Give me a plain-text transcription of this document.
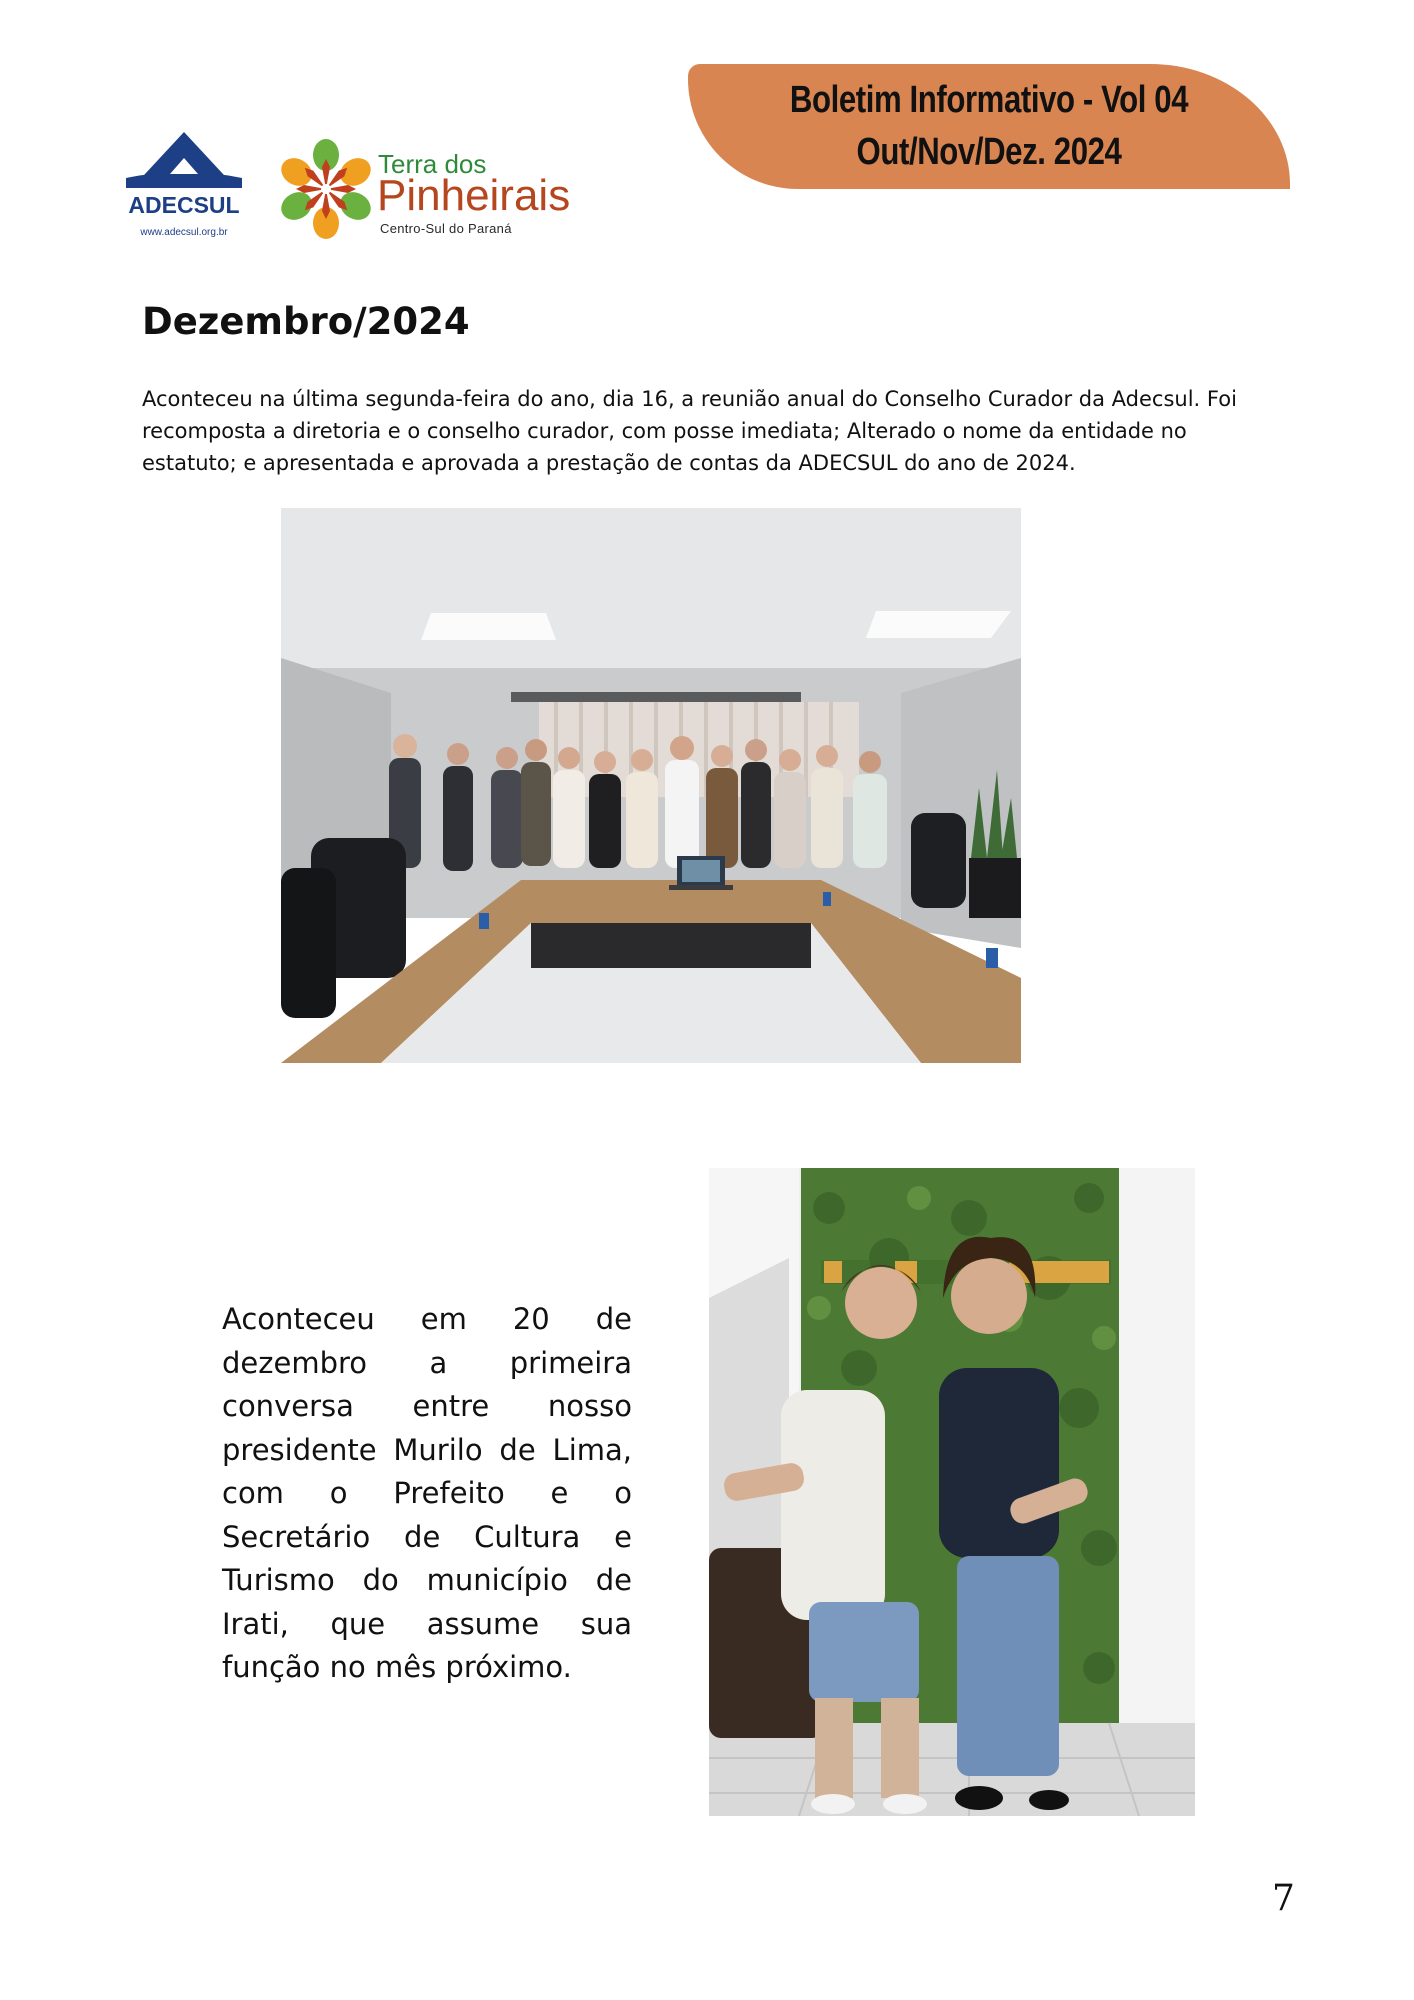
Boletim Informativo - Vol 04
Out/Nov/Dez. 2024
ADECSUL
www.adecsul.org.br
Terra dos
Pinheirais
Centro-Sul do Paraná
Dezembro/2024
Aconteceu na última segunda-feira do ano, dia 16, a reunião anual do Conselho Curador da Adecsul. Foi recomposta a diretoria e o conselho curador, com posse imediata; Alterado o nome da entidade no estatuto; e apresentada e aprovada a prestação de contas da ADECSUL do ano de 2024.
Aconteceu em 20 de dezembro a primeira conversa entre nosso presidente Murilo de Lima, com o Prefeito e o Secretário de Cultura e Turismo do município de Irati, que assume sua função no mês próximo.
7
